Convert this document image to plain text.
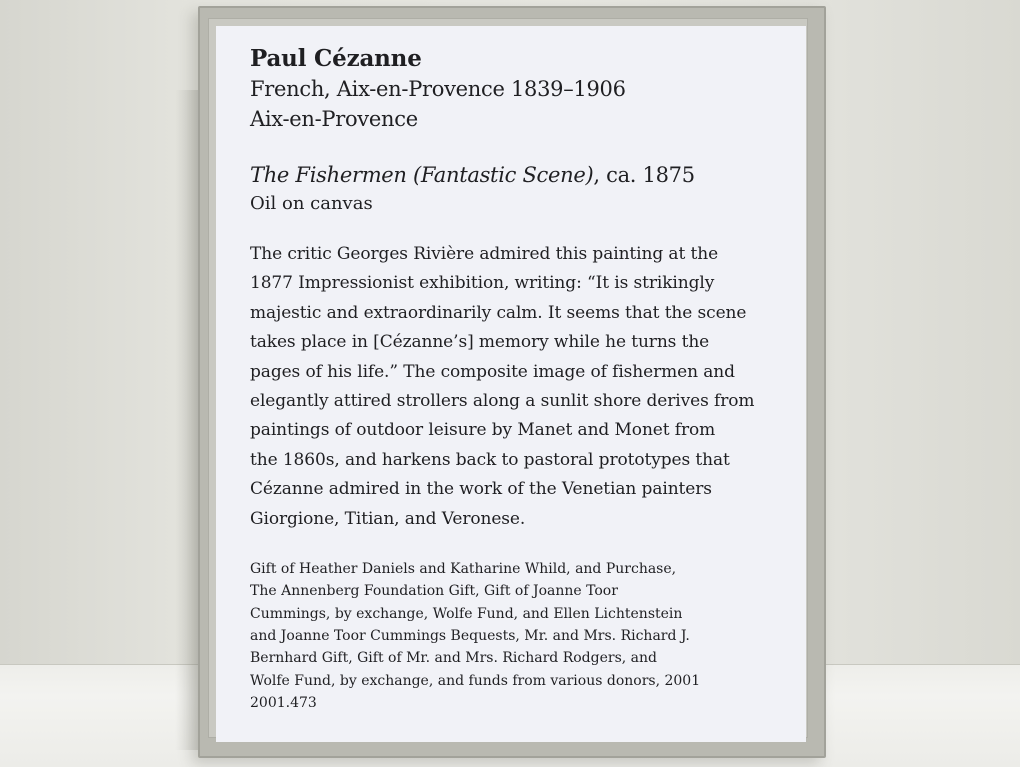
Paul Cézanne

French, Aix-en-Provence 1839–1906

Aix-en-Provence

The Fishermen (Fantastic Scene), ca. 1875

Oil on canvas

The critic Georges Rivière admired this painting at the
1877 Impressionist exhibition, writing: “It is strikingly
majestic and extraordinarily calm. It seems that the scene
takes place in [Cézanne’s] memory while he turns the
pages of his life.” The composite image of fishermen and
elegantly attired strollers along a sunlit shore derives from
paintings of outdoor leisure by Manet and Monet from
the 1860s, and harkens back to pastoral prototypes that
Cézanne admired in the work of the Venetian painters
Giorgione, Titian, and Veronese.

Gift of Heather Daniels and Katharine Whild, and Purchase,
The Annenberg Foundation Gift, Gift of Joanne Toor
Cummings, by exchange, Wolfe Fund, and Ellen Lichtenstein
and Joanne Toor Cummings Bequests, Mr. and Mrs. Richard J.
Bernhard Gift, Gift of Mr. and Mrs. Richard Rodgers, and
Wolfe Fund, by exchange, and funds from various donors, 2001
2001.473
